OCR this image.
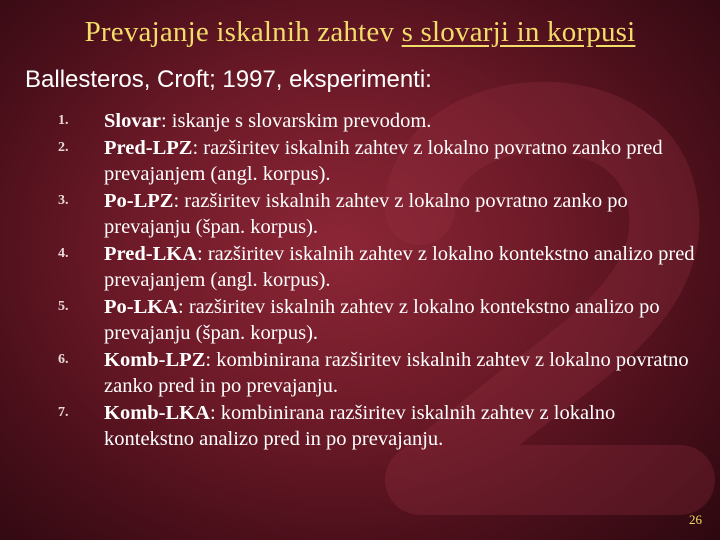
Prevajanje iskalnih zahtev s slovarji in korpusi
Ballesteros, Croft; 1997, eksperimenti:
1.	Slovar: iskanje s slovarskim prevodom.
2.	Pred-LPZ: razširitev iskalnih zahtev z lokalno povratno zanko pred prevajanjem (angl. korpus).
3.	Po-LPZ: razširitev iskalnih zahtev z lokalno povratno zanko po prevajanju (špan. korpus).
4.	Pred-LKA: razširitev iskalnih zahtev z lokalno kontekstno analizo pred prevajanjem (angl. korpus).
5.	Po-LKA: razširitev iskalnih zahtev z lokalno kontekstno analizo po prevajanju (špan. korpus).
6.	Komb-LPZ: kombinirana razširitev iskalnih zahtev z lokalno povratno zanko pred in po prevajanju.
7.	Komb-LKA: kombinirana razširitev iskalnih zahtev z lokalno kontekstno analizo pred in po prevajanju.
26
